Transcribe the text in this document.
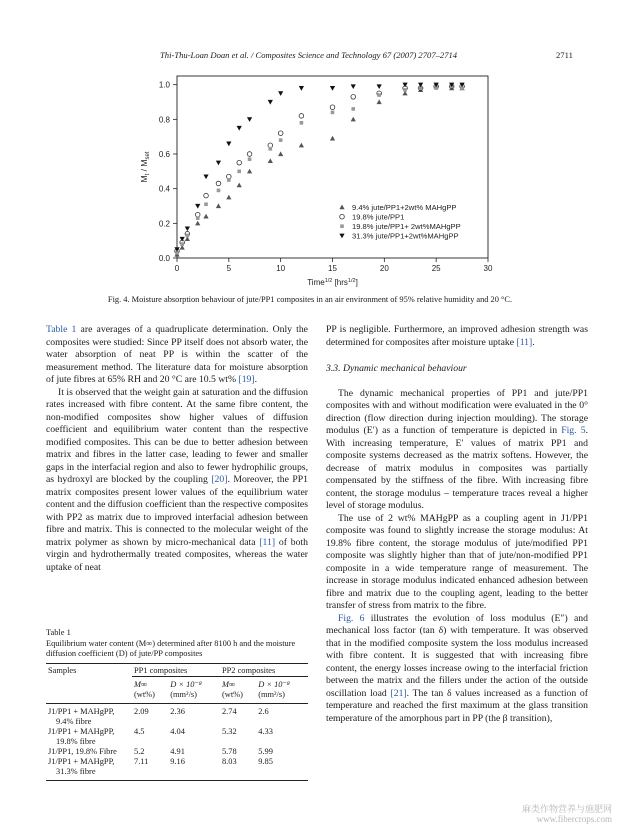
Thi-Thu-Loan Doan et al. / Composites Science and Technology 67 (2007) 2707–2714	2711
0	5	10	15	20	25	30
0.0
0.2
0.4
0.6
0.8
1.0
Time$^{1/2}$ [hrs$^{1/2}$]
$M_t / M_{set}$
9.4% jute/PP1+2wt% MAHgPP
19.8% jute/PP1
19.8% jute/PP1+ 2wt%MAHgPP
31.3% jute/PP1+2wt%MAHgPP
Fig. 4. Moisture absorption behaviour of jute/PP1 composites in an air environment of 95% relative humidity and 20 °C.

Table 1 are averages of a quadruplicate determination. Only the composites were studied: Since PP itself does not absorb water, the water absorption of neat PP is within the scatter of the measurement method. The literature data for moisture absorption of jute fibres at 65% RH and 20 °C are 10.5 wt% [19].

It is observed that the weight gain at saturation and the diffusion rates increased with fibre content. At the same fibre content, the non-modified composites show higher values of diffusion coefficient and equilibrium water content than the respective modified composites. This can be due to better adhesion between matrix and fibres in the latter case, leading to fewer and smaller gaps in the interfacial region and also to fewer hydrophilic groups, as hydroxyl are blocked by the coupling [20]. Moreover, the PP1 matrix composites present lower values of the equilibrium water content and the diffusion coefficient than the respective composites with PP2 as matrix due to improved interfacial adhesion between fibre and matrix. This is connected to the molecular weight of the matrix polymer as shown by micro-mechanical data [11] of both virgin and hydrothermally treated composites, whereas the water uptake of neat

Table 1
Equilibrium water content (M∞) determined after 8100 h and the moisture diffusion coefficient (D) of jute/PP composites
Samples	PP1 composites		PP2 composites	
	M∞	D × 10⁻⁸	M∞	D × 10⁻⁸
	(wt%)	(mm²/s)	(wt%)	(mm²/s)

J1/PP1 + MAHgPP,
9.4% fibre	2.09	2.36	2.74	2.6

J1/PP1 + MAHgPP,
19.8% fibre	4.5	4.04	5.32	4.33

J1/PP1, 19.8% Fibre	5.2	4.91	5.78	5.99

J1/PP1 + MAHgPP,
31.3% fibre	7.11	9.16	8.03	9.85

PP is negligible. Furthermore, an improved adhesion strength was determined for composites after moisture uptake [11].

3.3. Dynamic mechanical behaviour

The dynamic mechanical properties of PP1 and jute/PP1 composites with and without modification were evaluated in the 0° direction (flow direction during injection moulding). The storage modulus (E′) as a function of temperature is depicted in Fig. 5. With increasing temperature, E′ values of matrix PP1 and composite systems decreased as the matrix softens. However, the decrease of matrix modulus in composites was partially compensated by the stiffness of the fibre. With increasing fibre content, the storage modulus – temperature traces reveal a higher level of storage modulus.

The use of 2 wt% MAHgPP as a coupling agent in J1/PP1 composite was found to slightly increase the storage modulus: At 19.8% fibre content, the storage modulus of jute/modified PP1 composite was slightly higher than that of jute/non-modified PP1 composite in a wide temperature range of measurement. The increase in storage modulus indicated enhanced adhesion between fibre and matrix due to the coupling agent, leading to the better transfer of stress from matrix to the fibre.

Fig. 6 illustrates the evolution of loss modulus (E″) and mechanical loss factor (tan δ) with temperature. It was observed that in the modified composite system the loss modulus increased with fibre content. It is suggested that with increasing fibre content, the energy losses increase owing to the interfacial friction between the matrix and the fillers under the action of the outside oscillation load [21]. The tan δ values increased as a function of temperature and reached the first maximum at the glass transition temperature of the amorphous part in PP (the β transition),

麻类作物营养与施肥网
www.fibercrops.com
